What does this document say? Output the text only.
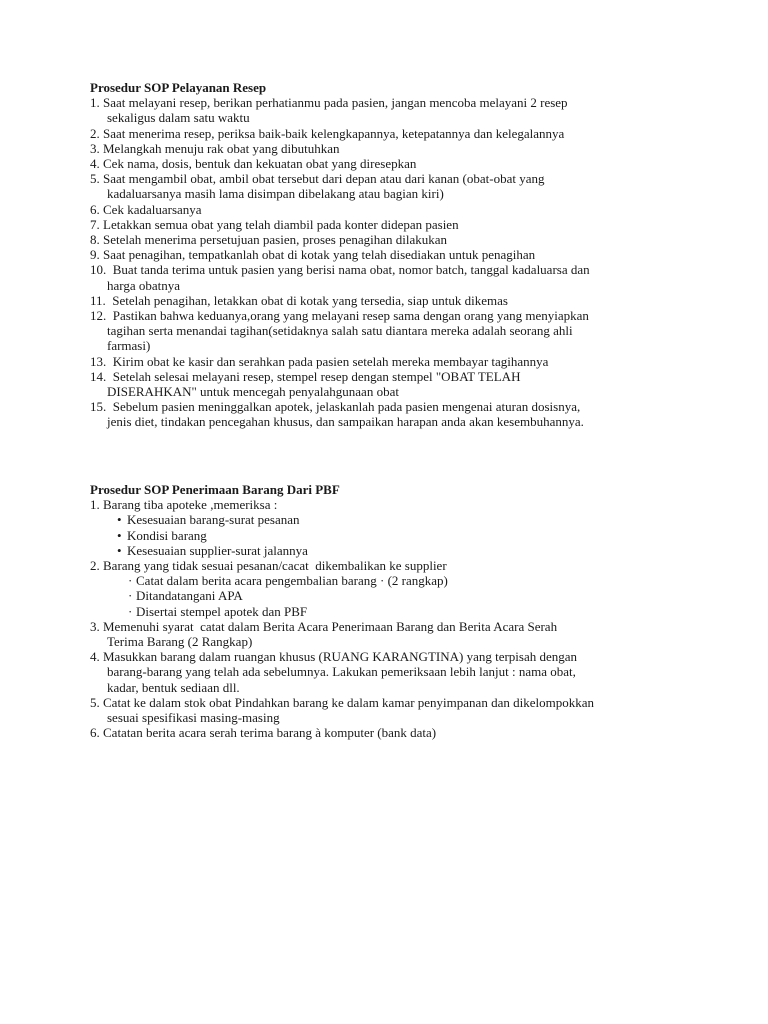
Prosedur SOP Pelayanan Resep
1. Saat melayani resep, berikan perhatianmu pada pasien, jangan mencoba melayani 2 resep
sekaligus dalam satu waktu
2. Saat menerima resep, periksa baik-baik kelengkapannya, ketepatannya dan kelegalannya
3. Melangkah menuju rak obat yang dibutuhkan
4. Cek nama, dosis, bentuk dan kekuatan obat yang diresepkan
5. Saat mengambil obat, ambil obat tersebut dari depan atau dari kanan (obat-obat yang
kadaluarsanya masih lama disimpan dibelakang atau bagian kiri)
6. Cek kadaluarsanya
7. Letakkan semua obat yang telah diambil pada konter didepan pasien
8. Setelah menerima persetujuan pasien, proses penagihan dilakukan
9. Saat penagihan, tempatkanlah obat di kotak yang telah disediakan untuk penagihan
10.  Buat tanda terima untuk pasien yang berisi nama obat, nomor batch, tanggal kadaluarsa dan
harga obatnya
11.  Setelah penagihan, letakkan obat di kotak yang tersedia, siap untuk dikemas
12.  Pastikan bahwa keduanya,orang yang melayani resep sama dengan orang yang menyiapkan
tagihan serta menandai tagihan(setidaknya salah satu diantara mereka adalah seorang ahli
farmasi)
13.  Kirim obat ke kasir dan serahkan pada pasien setelah mereka membayar tagihannya
14.  Setelah selesai melayani resep, stempel resep dengan stempel "OBAT TELAH
DISERAHKAN" untuk mencegah penyalahgunaan obat
15.  Sebelum pasien meninggalkan apotek, jelaskanlah pada pasien mengenai aturan dosisnya,
jenis diet, tindakan pencegahan khusus, dan sampaikan harapan anda akan kesembuhannya.
Prosedur SOP Penerimaan Barang Dari PBF
1. Barang tiba apoteke ,memeriksa :
• Kesesuaian barang-surat pesanan
• Kondisi barang
• Kesesuaian supplier-surat jalannya
2. Barang yang tidak sesuai pesanan/cacat  dikembalikan ke supplier
· Catat dalam berita acara pengembalian barang · (2 rangkap)
· Ditandatangani APA
· Disertai stempel apotek dan PBF
3. Memenuhi syarat  catat dalam Berita Acara Penerimaan Barang dan Berita Acara Serah
Terima Barang (2 Rangkap)
4. Masukkan barang dalam ruangan khusus (RUANG KARANGTINA) yang terpisah dengan
barang-barang yang telah ada sebelumnya. Lakukan pemeriksaan lebih lanjut : nama obat,
kadar, bentuk sediaan dll.
5. Catat ke dalam stok obat Pindahkan barang ke dalam kamar penyimpanan dan dikelompokkan
sesuai spesifikasi masing-masing
6. Catatan berita acara serah terima barang à komputer (bank data)
